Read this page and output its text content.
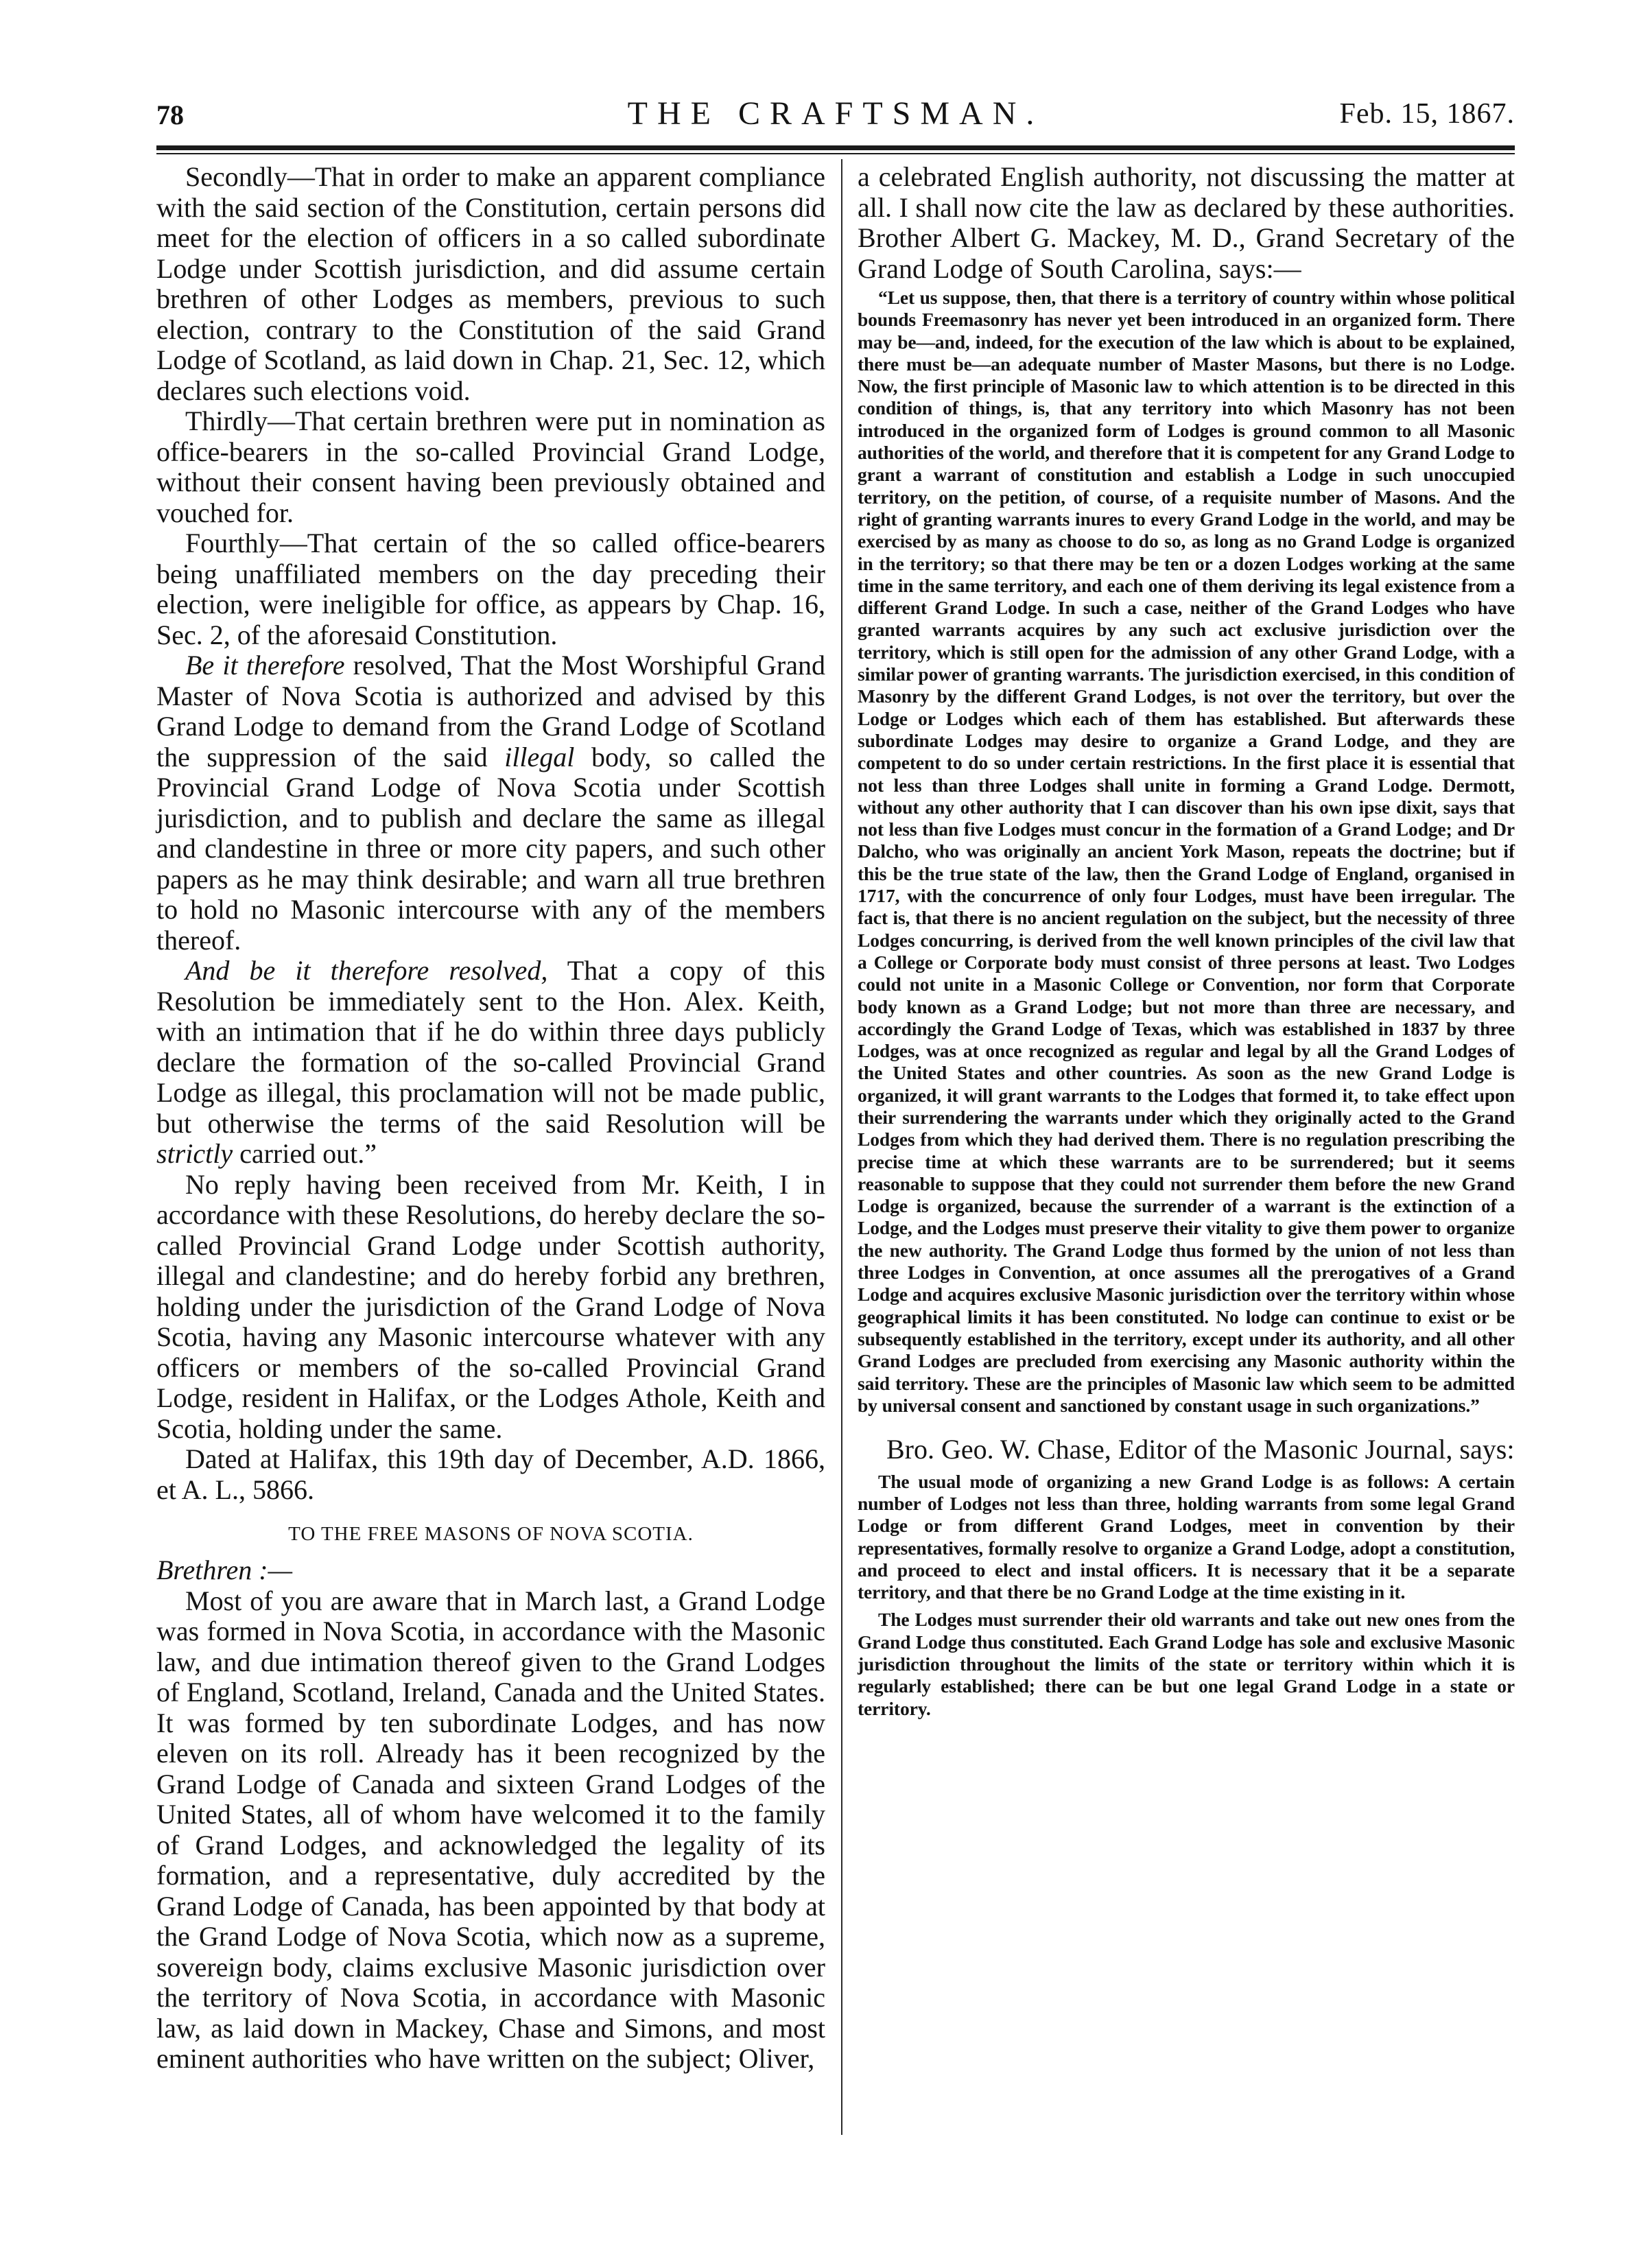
78	THE CRAFTSMAN.	Feb. 15, 1867.

Secondly—That in order to make an apparent compliance with the said section of the Constitution, certain persons did meet for the election of officers in a so called subordinate Lodge under Scottish jurisdiction, and did assume certain brethren of other Lodges as members, previous to such election, contrary to the Constitution of the said Grand Lodge of Scotland, as laid down in Chap. 21, Sec. 12, which declares such elections void.

Thirdly—That certain brethren were put in nomination as office-bearers in the so-called Provincial Grand Lodge, without their consent having been previously obtained and vouched for.

Fourthly—That certain of the so called office-bearers being unaffiliated members on the day preceding their election, were ineligible for office, as appears by Chap. 16, Sec. 2, of the aforesaid Constitution.

Be it therefore resolved, That the Most Worshipful Grand Master of Nova Scotia is authorized and advised by this Grand Lodge to demand from the Grand Lodge of Scotland the suppression of the said illegal body, so called the Provincial Grand Lodge of Nova Scotia under Scottish jurisdiction, and to publish and declare the same as illegal and clandestine in three or more city papers, and such other papers as he may think desirable; and warn all true brethren to hold no Masonic intercourse with any of the members thereof.

And be it therefore resolved, That a copy of this Resolution be immediately sent to the Hon. Alex. Keith, with an intimation that if he do within three days publicly declare the formation of the so-called Provincial Grand Lodge as illegal, this proclamation will not be made public, but otherwise the terms of the said Resolution will be strictly carried out.”

No reply having been received from Mr. Keith, I in accordance with these Resolutions, do hereby declare the so-called Provincial Grand Lodge under Scottish authority, illegal and clandestine; and do hereby forbid any brethren, holding under the jurisdiction of the Grand Lodge of Nova Scotia, having any Masonic intercourse whatever with any officers or members of the so-called Provincial Grand Lodge, resident in Halifax, or the Lodges Athole, Keith and Scotia, holding under the same.

Dated at Halifax, this 19th day of December, A.D. 1866, et A. L., 5866.

TO THE FREE MASONS OF NOVA SCOTIA.

Brethren :—

Most of you are aware that in March last, a Grand Lodge was formed in Nova Scotia, in accordance with the Masonic law, and due intimation thereof given to the Grand Lodges of England, Scotland, Ireland, Canada and the United States. It was formed by ten subordinate Lodges, and has now eleven on its roll. Already has it been recognized by the Grand Lodge of Canada and sixteen Grand Lodges of the United States, all of whom have welcomed it to the family of Grand Lodges, and acknowledged the legality of its formation, and a representative, duly accredited by the Grand Lodge of Canada, has been appointed by that body at the Grand Lodge of Nova Scotia, which now as a supreme, sovereign body, claims exclusive Masonic jurisdiction over the territory of Nova Scotia, in accordance with Masonic law, as laid down in Mackey, Chase and Simons, and most eminent authorities who have written on the subject; Oliver,

a celebrated English authority, not discussing the matter at all. I shall now cite the law as declared by these authorities. Brother Albert G. Mackey, M. D., Grand Secretary of the Grand Lodge of South Carolina, says:—

“Let us suppose, then, that there is a territory of country within whose political bounds Freemasonry has never yet been introduced in an organized form. There may be—and, indeed, for the execution of the law which is about to be explained, there must be—an adequate number of Master Masons, but there is no Lodge. Now, the first principle of Masonic law to which attention is to be directed in this condition of things, is, that any territory into which Masonry has not been introduced in the organized form of Lodges is ground common to all Masonic authorities of the world, and therefore that it is competent for any Grand Lodge to grant a warrant of constitution and establish a Lodge in such unoccupied territory, on the petition, of course, of a requisite number of Masons. And the right of granting warrants inures to every Grand Lodge in the world, and may be exercised by as many as choose to do so, as long as no Grand Lodge is organized in the territory; so that there may be ten or a dozen Lodges working at the same time in the same territory, and each one of them deriving its legal existence from a different Grand Lodge. In such a case, neither of the Grand Lodges who have granted warrants acquires by any such act exclusive jurisdiction over the territory, which is still open for the admission of any other Grand Lodge, with a similar power of granting warrants. The jurisdiction exercised, in this condition of Masonry by the different Grand Lodges, is not over the territory, but over the Lodge or Lodges which each of them has established. But afterwards these subordinate Lodges may desire to organize a Grand Lodge, and they are competent to do so under certain restrictions. In the first place it is essential that not less than three Lodges shall unite in forming a Grand Lodge. Dermott, without any other authority that I can discover than his own ipse dixit, says that not less than five Lodges must concur in the formation of a Grand Lodge; and Dr Dalcho, who was originally an ancient York Mason, repeats the doctrine; but if this be the true state of the law, then the Grand Lodge of England, organised in 1717, with the concurrence of only four Lodges, must have been irregular. The fact is, that there is no ancient regulation on the subject, but the necessity of three Lodges concurring, is derived from the well known principles of the civil law that a College or Corporate body must consist of three persons at least. Two Lodges could not unite in a Masonic College or Convention, nor form that Corporate body known as a Grand Lodge; but not more than three are necessary, and accordingly the Grand Lodge of Texas, which was established in 1837 by three Lodges, was at once recognized as regular and legal by all the Grand Lodges of the United States and other countries. As soon as the new Grand Lodge is organized, it will grant warrants to the Lodges that formed it, to take effect upon their surrendering the warrants under which they originally acted to the Grand Lodges from which they had derived them. There is no regulation prescribing the precise time at which these warrants are to be surrendered; but it seems reasonable to suppose that they could not surrender them before the new Grand Lodge is organized, because the surrender of a warrant is the extinction of a Lodge, and the Lodges must preserve their vitality to give them power to organize the new authority. The Grand Lodge thus formed by the union of not less than three Lodges in Convention, at once assumes all the prerogatives of a Grand Lodge and acquires exclusive Masonic jurisdiction over the territory within whose geographical limits it has been constituted. No lodge can continue to exist or be subsequently established in the territory, except under its authority, and all other Grand Lodges are precluded from exercising any Masonic authority within the said territory. These are the principles of Masonic law which seem to be admitted by universal consent and sanctioned by constant usage in such organizations.”

Bro. Geo. W. Chase, Editor of the Masonic Journal, says:

The usual mode of organizing a new Grand Lodge is as follows: A certain number of Lodges not less than three, holding warrants from some legal Grand Lodge or from different Grand Lodges, meet in convention by their representatives, formally resolve to organize a Grand Lodge, adopt a constitution, and proceed to elect and instal officers. It is necessary that it be a separate territory, and that there be no Grand Lodge at the time existing in it.

The Lodges must surrender their old warrants and take out new ones from the Grand Lodge thus constituted. Each Grand Lodge has sole and exclusive Masonic jurisdiction throughout the limits of the state or territory within which it is regularly established; there can be but one legal Grand Lodge in a state or territory.
